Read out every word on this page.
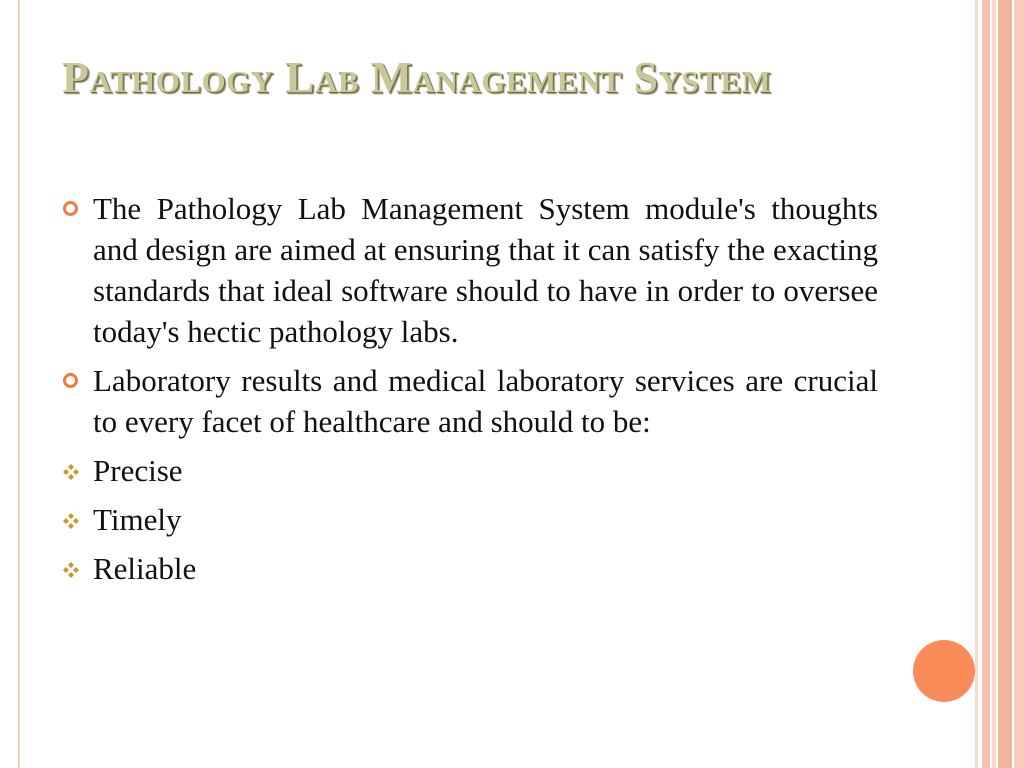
Pathology Lab Management System
The Pathology Lab Management System module's thoughts and design are aimed at ensuring that it can satisfy the exacting standards that ideal software should to have in order to oversee today's hectic pathology labs.
Laboratory results and medical laboratory services are crucial to every facet of healthcare and should to be:
Precise
Timely
Reliable
